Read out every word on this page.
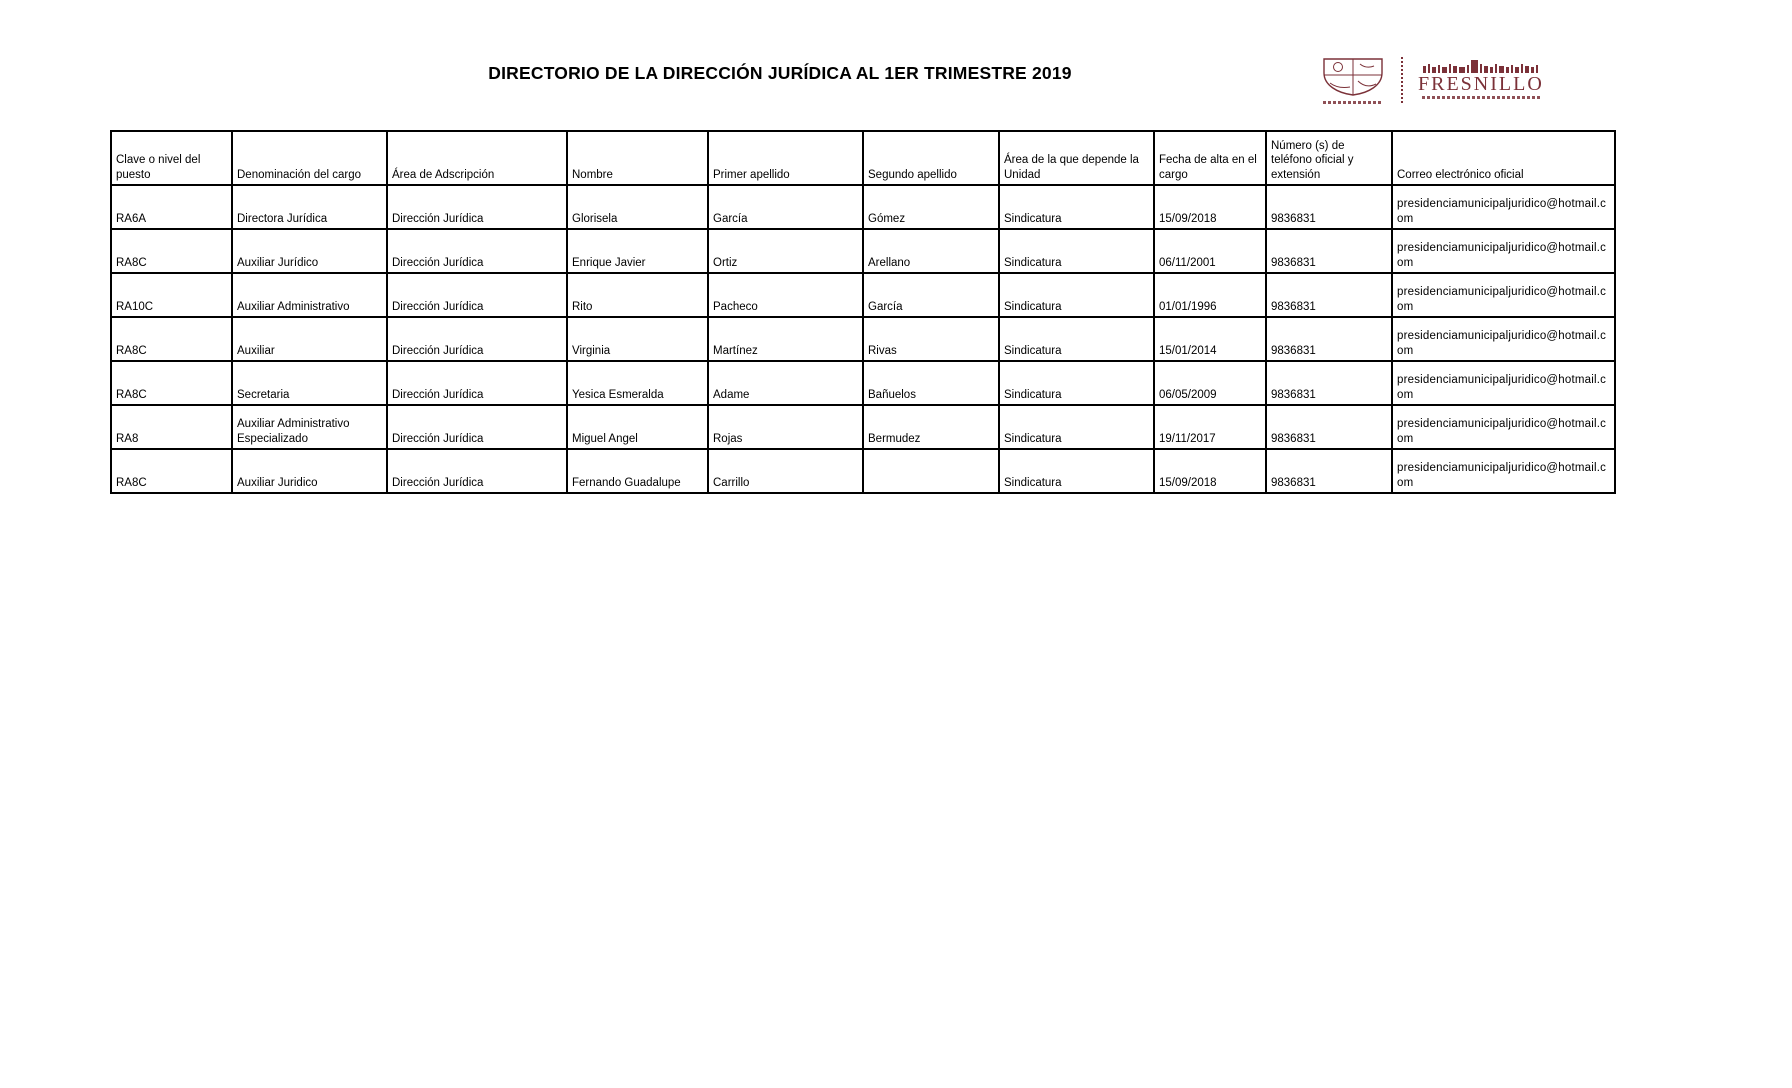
DIRECTORIO DE LA DIRECCIÓN JURÍDICA AL 1ER TRIMESTRE 2019	FRESNILLO
Clave o nivel del puesto	Denominación del cargo	Área de Adscripción	Nombre	Primer apellido	Segundo apellido	Área de la que depende la Unidad	Fecha de alta en el cargo	Número (s) de teléfono oficial y extensión	Correo electrónico oficial
RA6A	Directora Jurídica	Dirección Jurídica	Glorisela	García	Gómez	Sindicatura	15/09/2018	9836831	presidenciamunicipaljuridico@hotmail.com
RA8C	Auxiliar Jurídico	Dirección Jurídica	Enrique Javier	Ortiz	Arellano	Sindicatura	06/11/2001	9836831	presidenciamunicipaljuridico@hotmail.com
RA10C	Auxiliar Administrativo	Dirección Jurídica	Rito	Pacheco	García	Sindicatura	01/01/1996	9836831	presidenciamunicipaljuridico@hotmail.com
RA8C	Auxiliar	Dirección Jurídica	Virginia	Martínez	Rivas	Sindicatura	15/01/2014	9836831	presidenciamunicipaljuridico@hotmail.com
RA8C	Secretaria	Dirección Jurídica	Yesica Esmeralda	Adame	Bañuelos	Sindicatura	06/05/2009	9836831	presidenciamunicipaljuridico@hotmail.com
RA8	Auxiliar Administrativo Especializado	Dirección Jurídica	Miguel Angel	Rojas	Bermudez	Sindicatura	19/11/2017	9836831	presidenciamunicipaljuridico@hotmail.com
RA8C	Auxiliar Juridico	Dirección Jurídica	Fernando Guadalupe	Carrillo		Sindicatura	15/09/2018	9836831	presidenciamunicipaljuridico@hotmail.com
